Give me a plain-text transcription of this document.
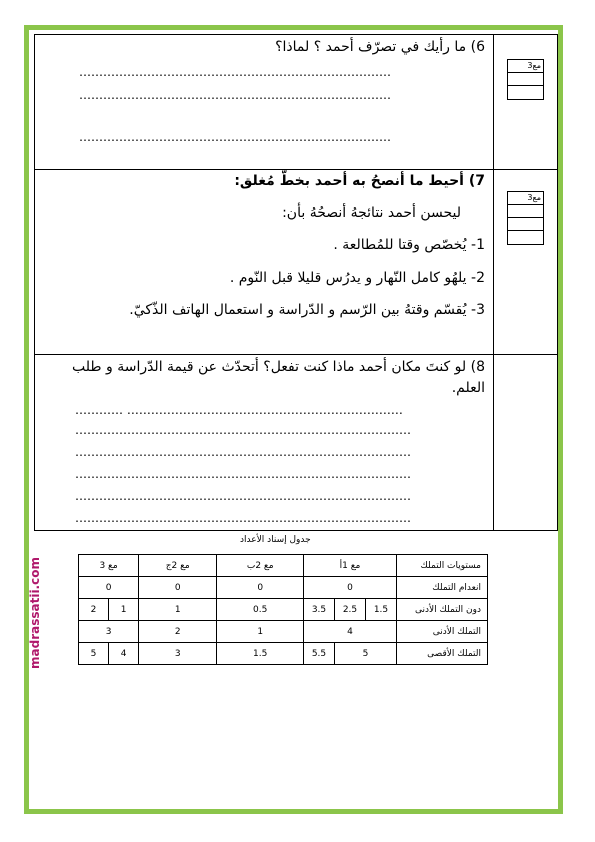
6) ما رأيك في تصرّف أحمد ؟ لماذا؟
……………………………………………………………………
……………………………………………………………………
……………………………………………………………………
مع3
7) أحيط ما أنصحُ به أحمد بخطّ مُغلق:
ليحسن أحمد نتائجهُ أنصحُهُ بأن:
1- يُخصّص وقتا للمُطالعة .
2- يلهُو كامل النّهار و يدرُس قليلا قبل النّوم .
3- يُقسّم وقتهُ بين الرّسم و الدّراسة و استعمال الهاتف الذّكيّ.
مع3
8) لو كنتَ مكان أحمد ماذا كنت تفعل؟ أتحدّث عن قيمة الدّراسة و طلب
العلم.
………… ……………………………………………………………
…………………………………………………………………………
…………………………………………………………………………
…………………………………………………………………………
…………………………………………………………………………
…………………………………………………………………………
madrassatii.com
جدول إسناد الأعداد
مستويات التملك	مع 1أ			مع 2ب	مع 2ج	مع 3	
انعدام التملك	0			0	0	0	
دون التملك الأدنى	1.5	2.5	3.5	0.5	1	1	2
التملك الأدنى	4			1	2	3	
التملك الأقصى	5		5.5	1.5	3	4	5
